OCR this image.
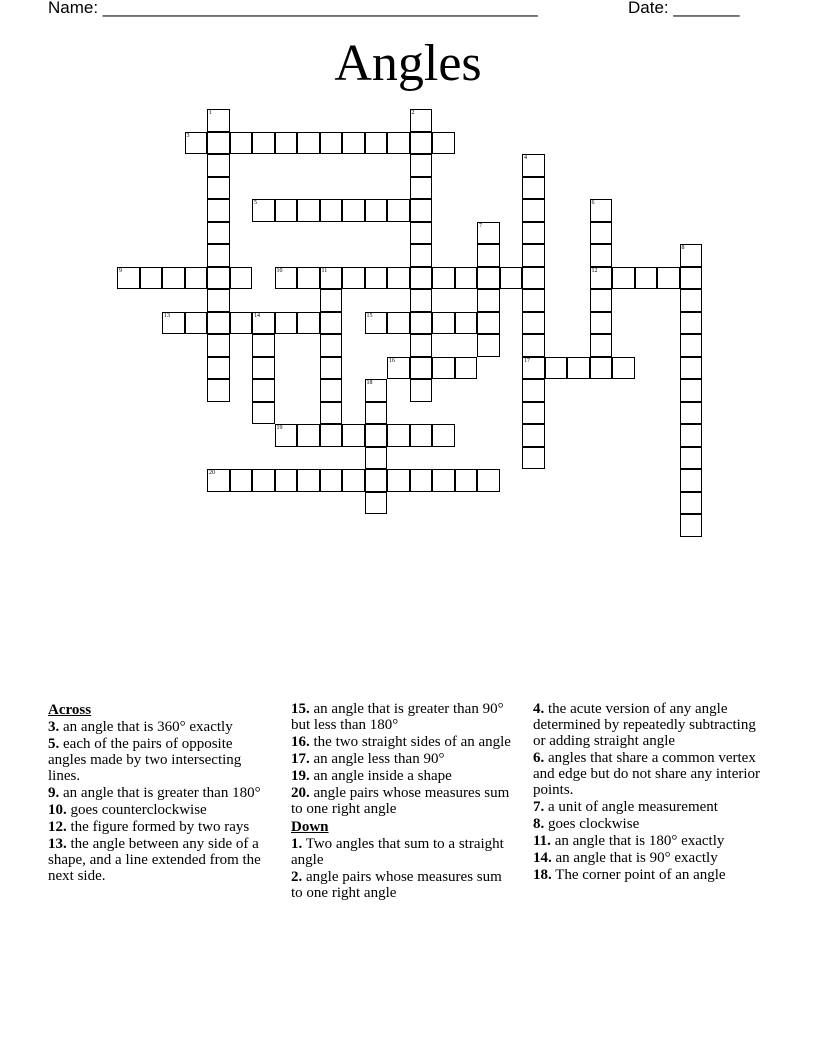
Name: ______________________________________________	Date: _______
Angles
1	2
3
4
5	6
7
8
9	10	11	12
13	14	15
16	17
18
19
20
Across
3. an angle that is 360° exactly
5. each of the pairs of opposite angles made by two intersecting lines.
9. an angle that is greater than 180°
10. goes counterclockwise
12. the figure formed by two rays
13. the angle between any side of a shape, and a line extended from the next side.
15. an angle that is greater than 90° but less than 180°
16. the two straight sides of an angle
17. an angle less than 90°
19. an angle inside a shape
20. angle pairs whose measures sum to one right angle
Down
1. Two angles that sum to a straight angle
2. angle pairs whose measures sum to one right angle
4. the acute version of any angle determined by repeatedly subtracting or adding straight angle
6. angles that share a common vertex and edge but do not share any interior points.
7. a unit of angle measurement
8. goes clockwise
11. an angle that is 180° exactly
14. an angle that is 90° exactly
18. The corner point of an angle
